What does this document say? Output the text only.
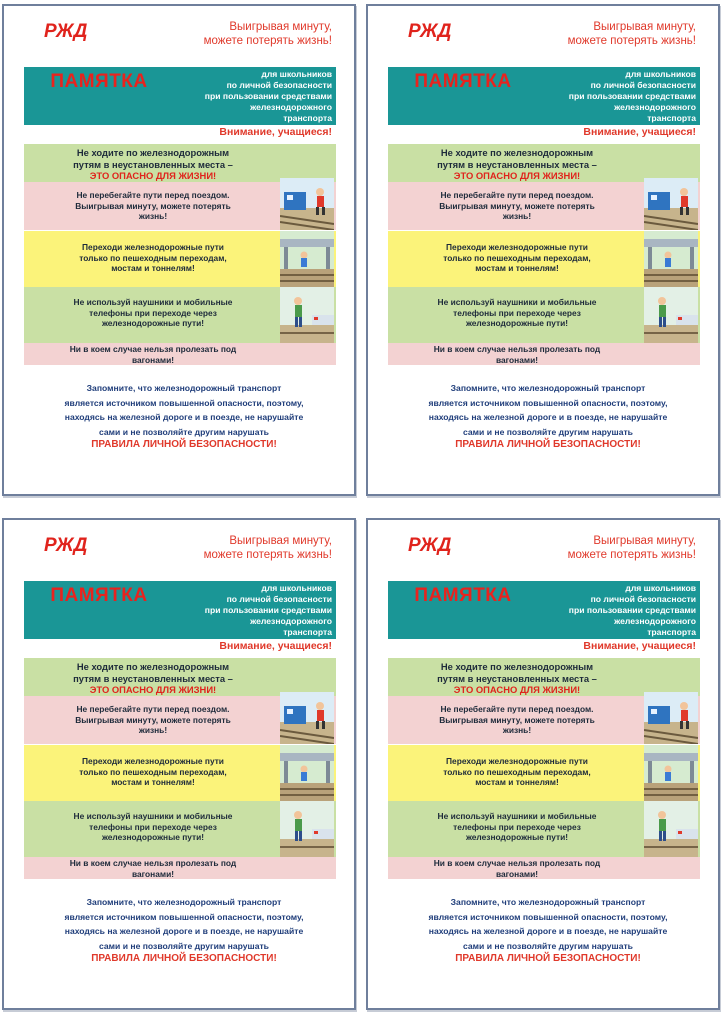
РЖД	Выигрывая минуту,
можете потерять жизнь!
ПАМЯТКА	для школьников
по личной безопасности
при пользовании средствами
железнодорожного
транспорта
Внимание, учащиеся!
Не ходите по железнодорожным
путям в неустановленных места –
ЭТО ОПАСНО ДЛЯ ЖИЗНИ!
Не перебегайте пути перед поездом.
Выигрывая минуту, можете потерять
жизнь!
Переходи железнодорожные пути
только по пешеходным переходам,
мостам и тоннелям!
Не используй наушники и мобильные
телефоны при переходе через
железнодорожные пути!
Ни в коем случае нельзя пролезать под
вагонами!
Запомните, что железнодорожный транспорт
является источником повышенной опасности, поэтому,
находясь на железной дороге и в поезде, не нарушайте
сами и не позволяйте другим нарушать
ПРАВИЛА ЛИЧНОЙ БЕЗОПАСНОСТИ!
РЖД	Выигрывая минуту,
можете потерять жизнь!
ПАМЯТКА	для школьников
по личной безопасности
при пользовании средствами
железнодорожного
транспорта
Внимание, учащиеся!
Не ходите по железнодорожным
путям в неустановленных места –
ЭТО ОПАСНО ДЛЯ ЖИЗНИ!
Не перебегайте пути перед поездом.
Выигрывая минуту, можете потерять
жизнь!
Переходи железнодорожные пути
только по пешеходным переходам,
мостам и тоннелям!
Не используй наушники и мобильные
телефоны при переходе через
железнодорожные пути!
Ни в коем случае нельзя пролезать под
вагонами!
Запомните, что железнодорожный транспорт
является источником повышенной опасности, поэтому,
находясь на железной дороге и в поезде, не нарушайте
сами и не позволяйте другим нарушать
ПРАВИЛА ЛИЧНОЙ БЕЗОПАСНОСТИ!
РЖД	Выигрывая минуту,
можете потерять жизнь!
ПАМЯТКА	для школьников
по личной безопасности
при пользовании средствами
железнодорожного
транспорта
Внимание, учащиеся!
Не ходите по железнодорожным
путям в неустановленных места –
ЭТО ОПАСНО ДЛЯ ЖИЗНИ!
Не перебегайте пути перед поездом.
Выигрывая минуту, можете потерять
жизнь!
Переходи железнодорожные пути
только по пешеходным переходам,
мостам и тоннелям!
Не используй наушники и мобильные
телефоны при переходе через
железнодорожные пути!
Ни в коем случае нельзя пролезать под
вагонами!
Запомните, что железнодорожный транспорт
является источником повышенной опасности, поэтому,
находясь на железной дороге и в поезде, не нарушайте
сами и не позволяйте другим нарушать
ПРАВИЛА ЛИЧНОЙ БЕЗОПАСНОСТИ!
РЖД	Выигрывая минуту,
можете потерять жизнь!
ПАМЯТКА	для школьников
по личной безопасности
при пользовании средствами
железнодорожного
транспорта
Внимание, учащиеся!
Не ходите по железнодорожным
путям в неустановленных места –
ЭТО ОПАСНО ДЛЯ ЖИЗНИ!
Не перебегайте пути перед поездом.
Выигрывая минуту, можете потерять
жизнь!
Переходи железнодорожные пути
только по пешеходным переходам,
мостам и тоннелям!
Не используй наушники и мобильные
телефоны при переходе через
железнодорожные пути!
Ни в коем случае нельзя пролезать под
вагонами!
Запомните, что железнодорожный транспорт
является источником повышенной опасности, поэтому,
находясь на железной дороге и в поезде, не нарушайте
сами и не позволяйте другим нарушать
ПРАВИЛА ЛИЧНОЙ БЕЗОПАСНОСТИ!
